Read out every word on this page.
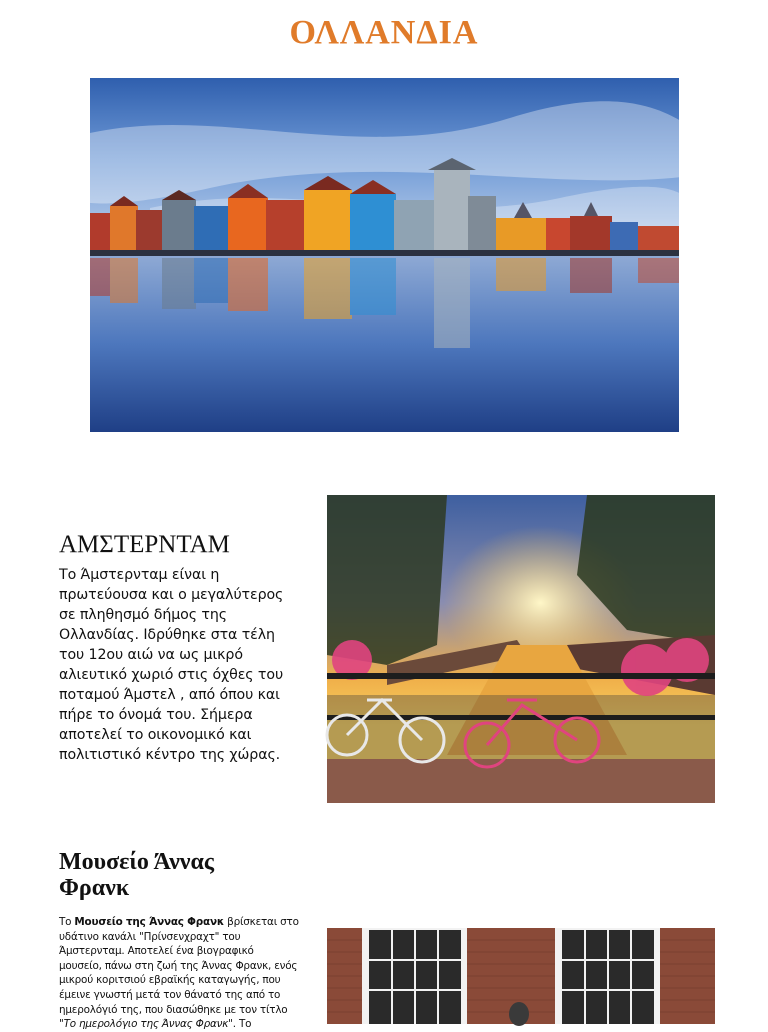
ΟΛΛΑΝΔΙΑ
ΑΜΣΤΕΡΝΤΑΜ
Το Άμστερνταμ είναι η πρωτεύουσα και ο μεγαλύτερος σε πληθησμό δήμος της Ολλανδίας. Ιδρύθηκε στα τέλη του 12ου αιώ να ως μικρό αλιευτικό χωριό στις όχθες του ποταμού Άμστελ , από όπου και πήρε το όνομά του. Σήμερα αποτελεί το οικονομικό και πολιτιστικό κέντρο της χώρας.
Μουσείο Άννας Φρανκ
Το Μουσείο της Άννας Φρανκ βρίσκεται στο υδάτινο κανάλι "Πρίνσενχραχτ" του Άμστερνταμ. Αποτελεί ένα βιογραφικό μουσείο, πάνω στη ζωή της Άννας Φρανκ, ενός μικρού κοριτσιού εβραϊκής καταγωγής, που έμεινε γνωστή μετά τον θάνατό της από το ημερολόγιό της, που διασώθηκε με τον τίτλο "Το ημερολόγιο της Άννας Φρανκ". Το
